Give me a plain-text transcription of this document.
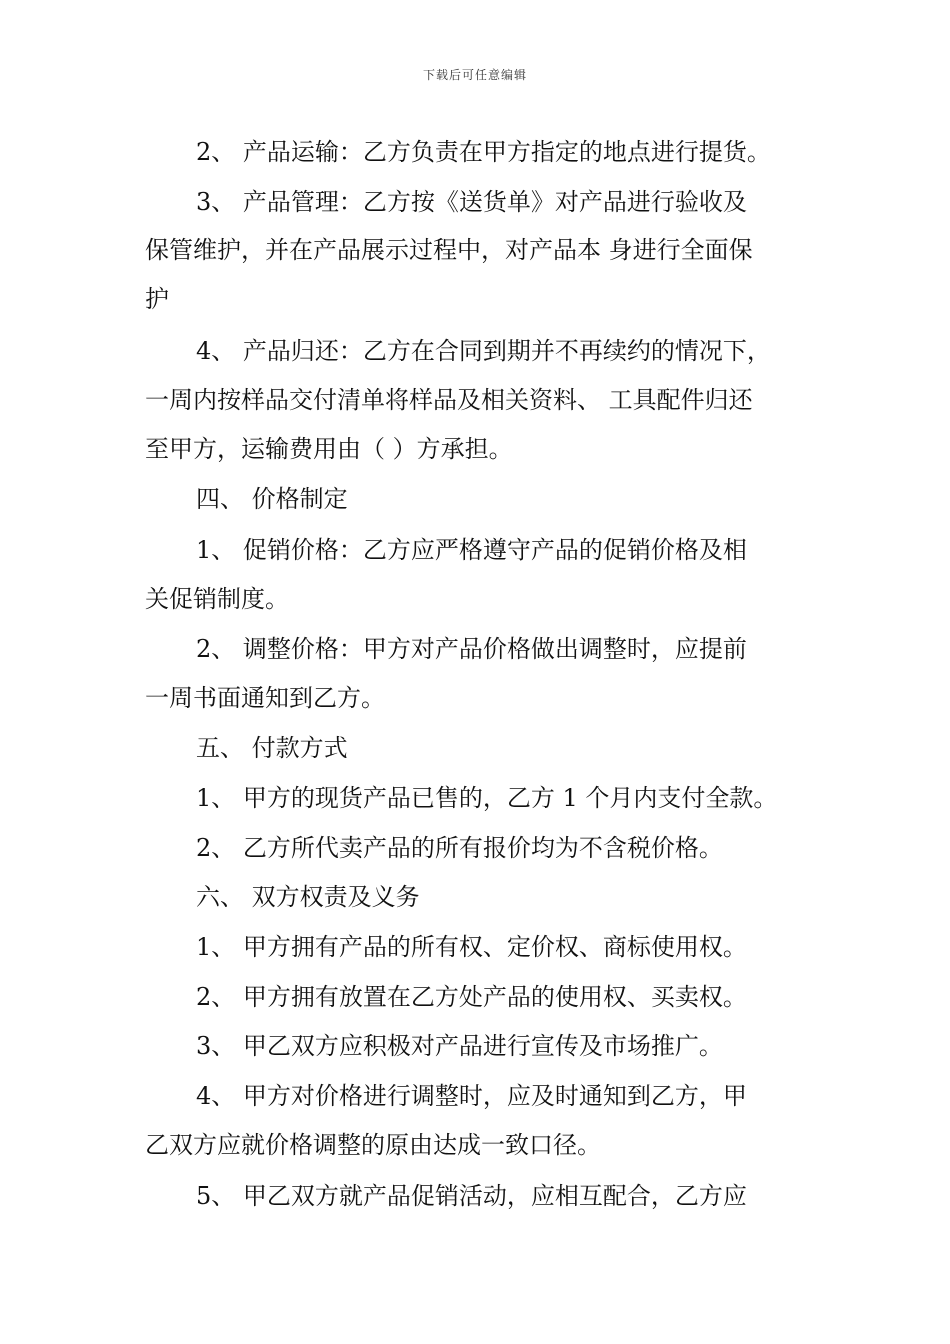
下载后可任意编辑
2、 产品运输：乙方负责在甲方指定的地点进行提货。
3、 产品管理：乙方按《送货单》对产品进行验收及
保管维护，并在产品展示过程中，对产品本 身进行全面保
护
4、 产品归还：乙方在合同到期并不再续约的情况下，
一周内按样品交付清单将样品及相关资料、 工具配件归还
至甲方，运输费用由（ ）方承担。
四、 价格制定
1、 促销价格：乙方应严格遵守产品的促销价格及相
关促销制度。
2、 调整价格：甲方对产品价格做出调整时，应提前
一周书面通知到乙方。
五、 付款方式
1、 甲方的现货产品已售的，乙方 1 个月内支付全款。
2、 乙方所代卖产品的所有报价均为不含税价格。
六、 双方权责及义务
1、 甲方拥有产品的所有权、定价权、商标使用权。
2、 甲方拥有放置在乙方处产品的使用权、买卖权。
3、 甲乙双方应积极对产品进行宣传及市场推广。
4、 甲方对价格进行调整时，应及时通知到乙方，甲
乙双方应就价格调整的原由达成一致口径。
5、 甲乙双方就产品促销活动，应相互配合，乙方应
